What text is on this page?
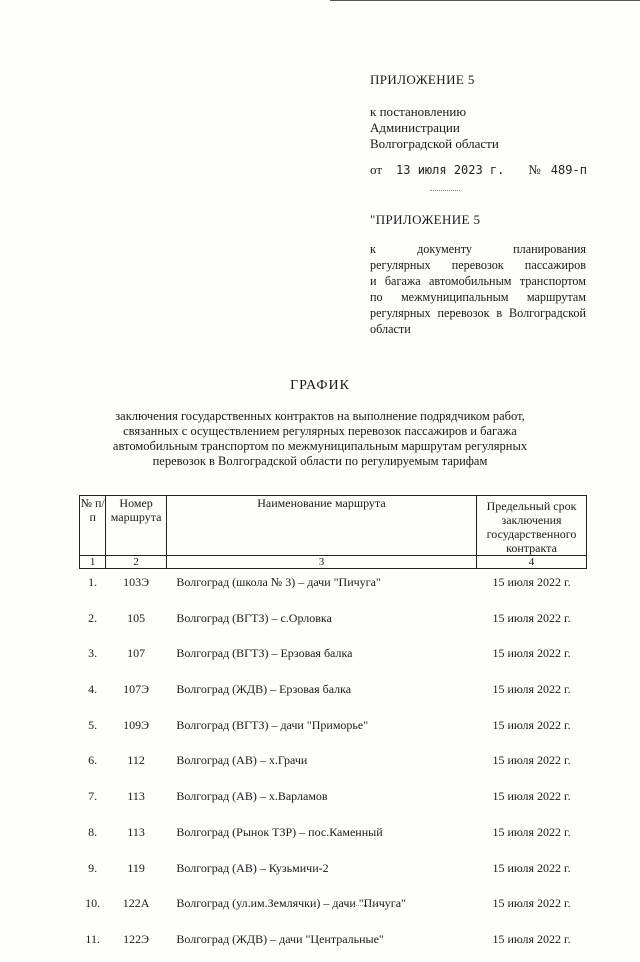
ПРИЛОЖЕНИЕ 5
к постановлению
Администрации
Волгоградской области
от 13 июля 2023 г. № 489-п
"ПРИЛОЖЕНИЕ 5
к документу планирования
регулярных перевозок пассажиров
и багажа автомобильным транспортом
по межмуниципальным маршрутам
регулярных перевозок в Волгоградской
области
ГРАФИК
заключения государственных контрактов на выполнение подрядчиком работ,
связанных с осуществлением регулярных перевозок пассажиров и багажа
автомобильным транспортом по межмуниципальным маршрутам регулярных
перевозок в Волгоградской области по регулируемым тарифам
№ п/п	Номер маршрута	Наименование маршрута	Предельный срок заключения государственного контракта
1	2	3	4
1.	103Э	Волгоград (школа № 3) – дачи "Пичуга"	15 июля 2022 г.
2.	105	Волгоград (ВГТЗ) – с.Орловка	15 июля 2022 г.
3.	107	Волгоград (ВГТЗ) – Ерзовая балка	15 июля 2022 г.
4.	107Э	Волгоград (ЖДВ) – Ерзовая балка	15 июля 2022 г.
5.	109Э	Волгоград (ВГТЗ) – дачи "Приморье"	15 июля 2022 г.
6.	112	Волгоград (АВ) – х.Грачи	15 июля 2022 г.
7.	113	Волгоград (АВ) – х.Варламов	15 июля 2022 г.
8.	113	Волгоград (Рынок ТЗР) – пос.Каменный	15 июля 2022 г.
9.	119	Волгоград (АВ) – Кузьмичи-2	15 июля 2022 г.
10.	122А	Волгоград (ул.им.Землячки) – дачи "Пичуга"	15 июля 2022 г.
11.	122Э	Волгоград (ЖДВ) – дачи "Центральные"	15 июля 2022 г.
